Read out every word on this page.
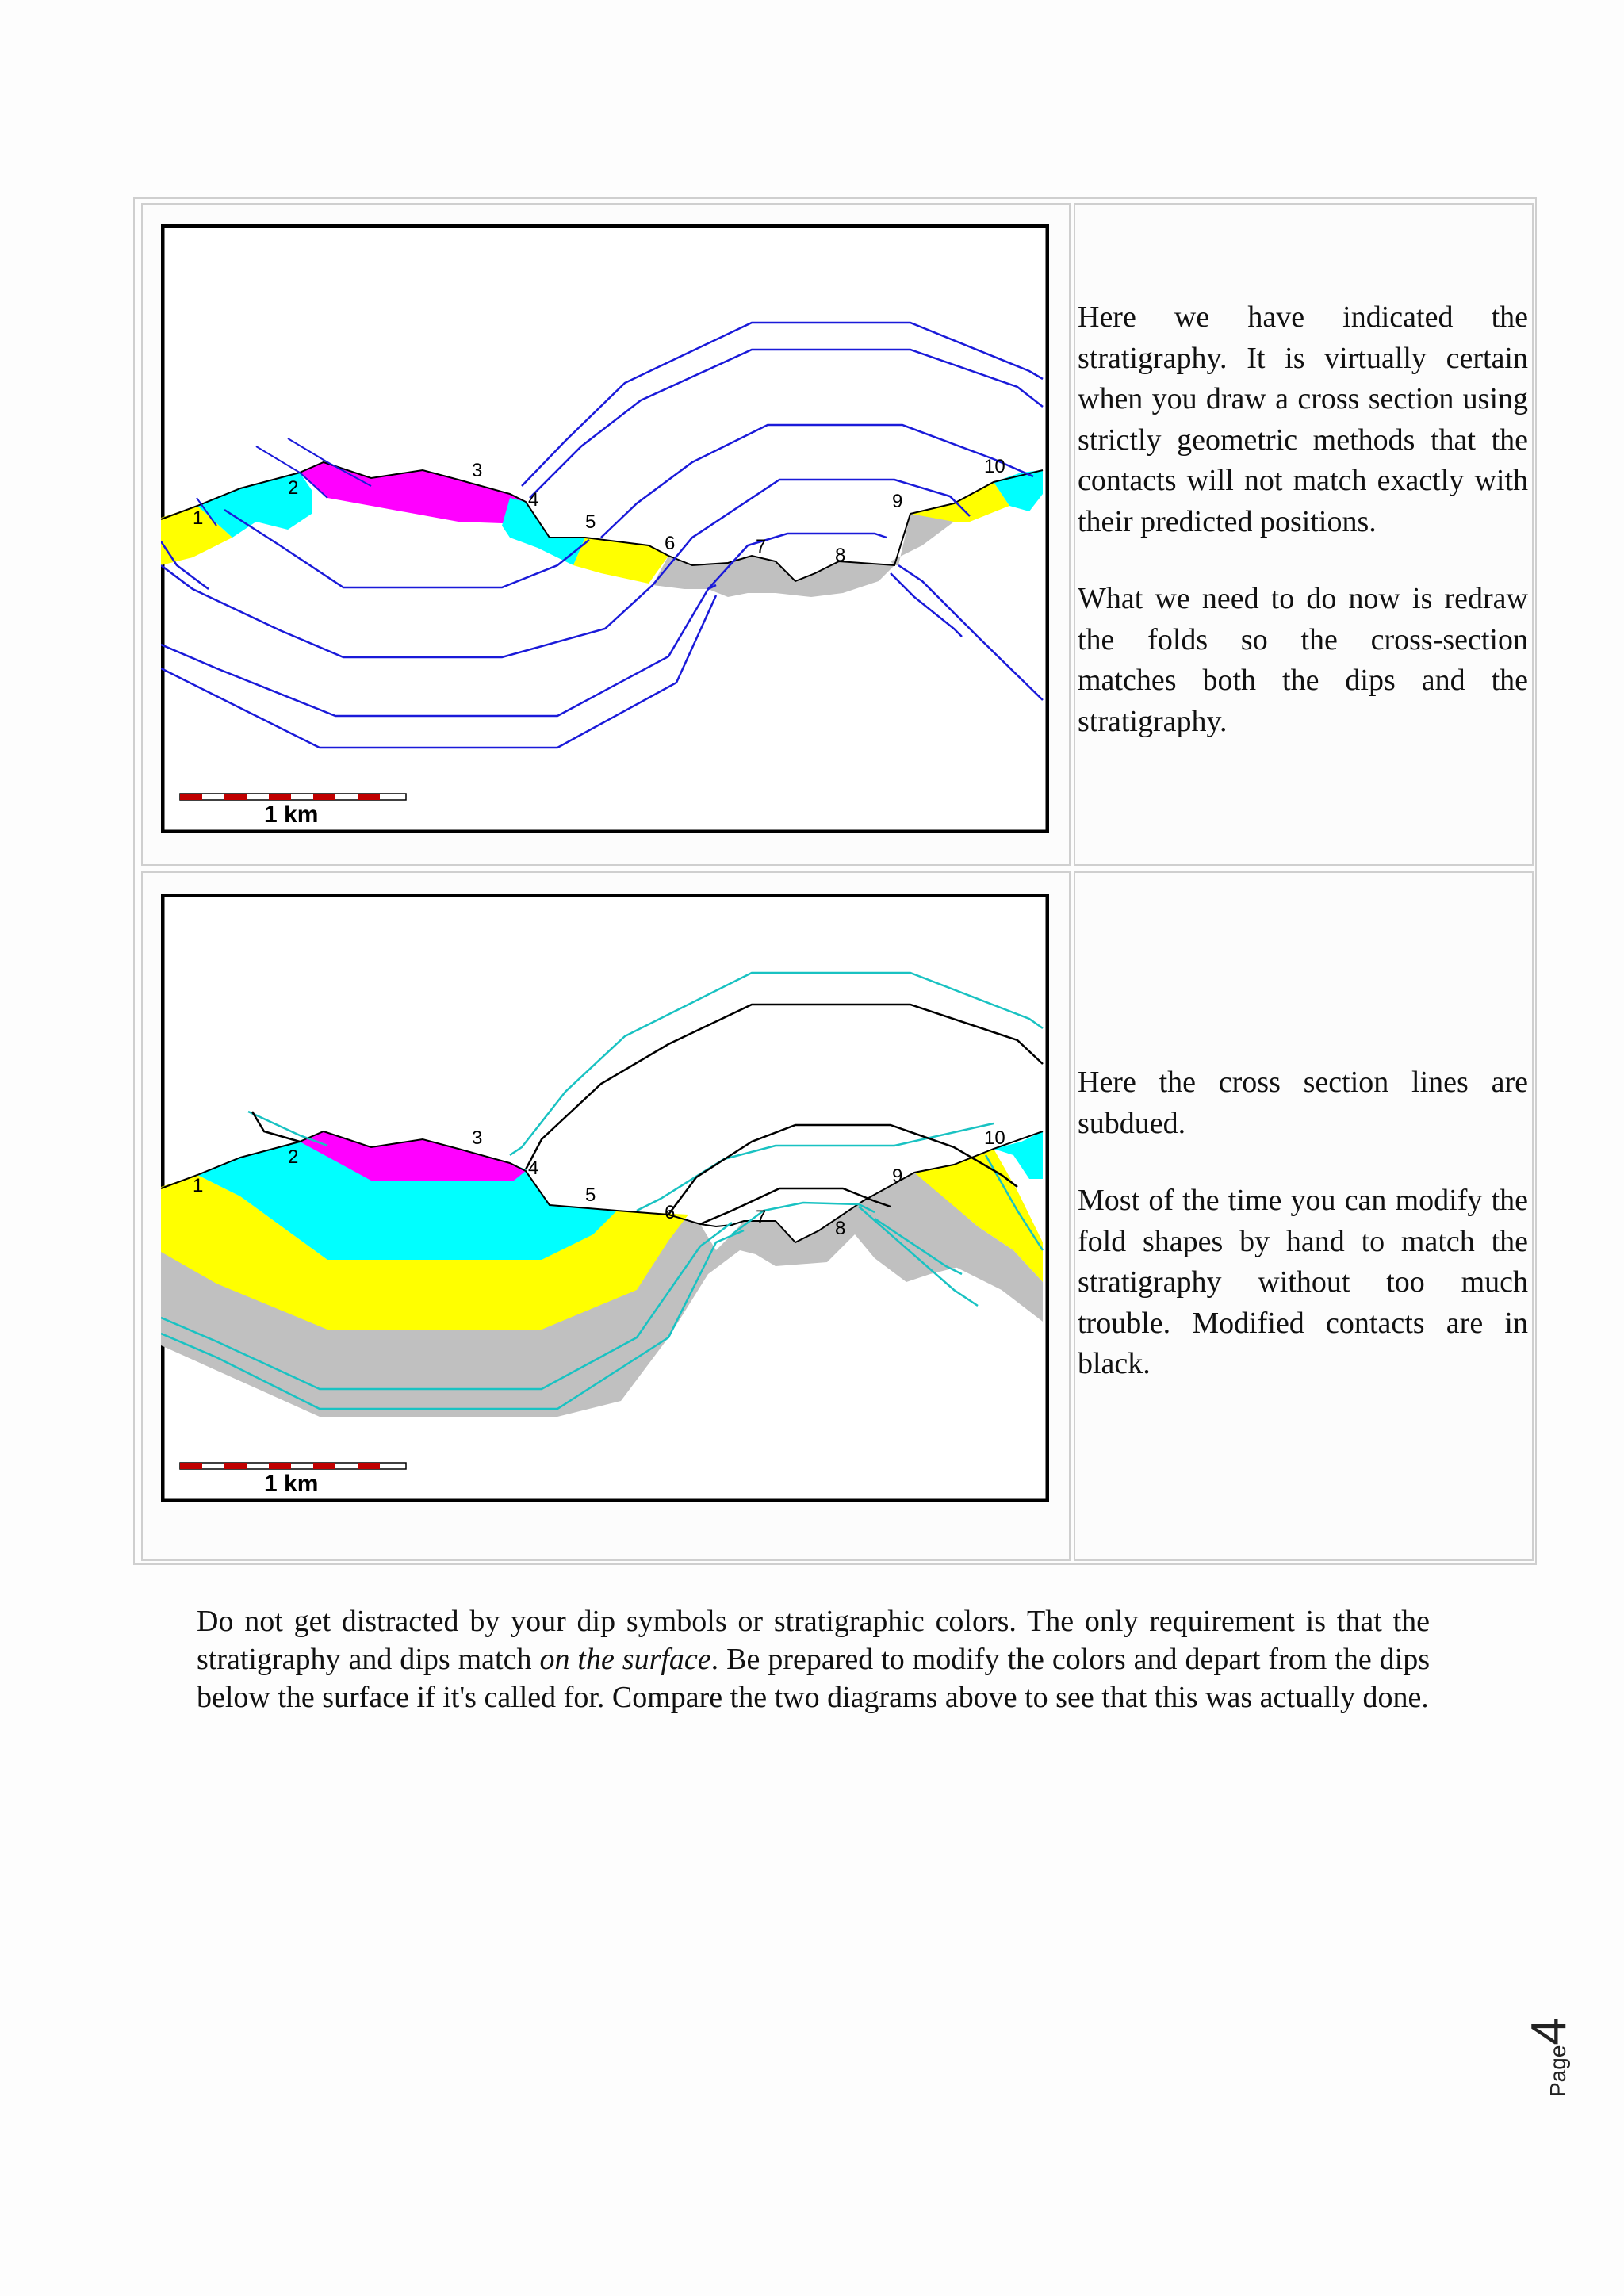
1
2
3
4
5
6	7	8
9
10
1 km
1
2
3
4
5
6	7
8
9
10
1 km

Here we have indicated the stratigraphy. It is virtually certain when you draw a cross section using strictly geometric methods that the contacts will not match exactly with their predicted positions.

What we need to do now is redraw the folds so the cross-section matches both the dips and the stratigraphy.

Here the cross section lines are subdued.

Most of the time you can modify the fold shapes by hand to match the stratigraphy without too much trouble. Modified contacts are in black.

Do not get distracted by your dip symbols or stratigraphic colors. The only requirement is that the stratigraphy and dips match on the surface. Be prepared to modify the colors and depart from the dips below the surface if it's called for. Compare the two diagrams above to see that this was actually done.

Page4
